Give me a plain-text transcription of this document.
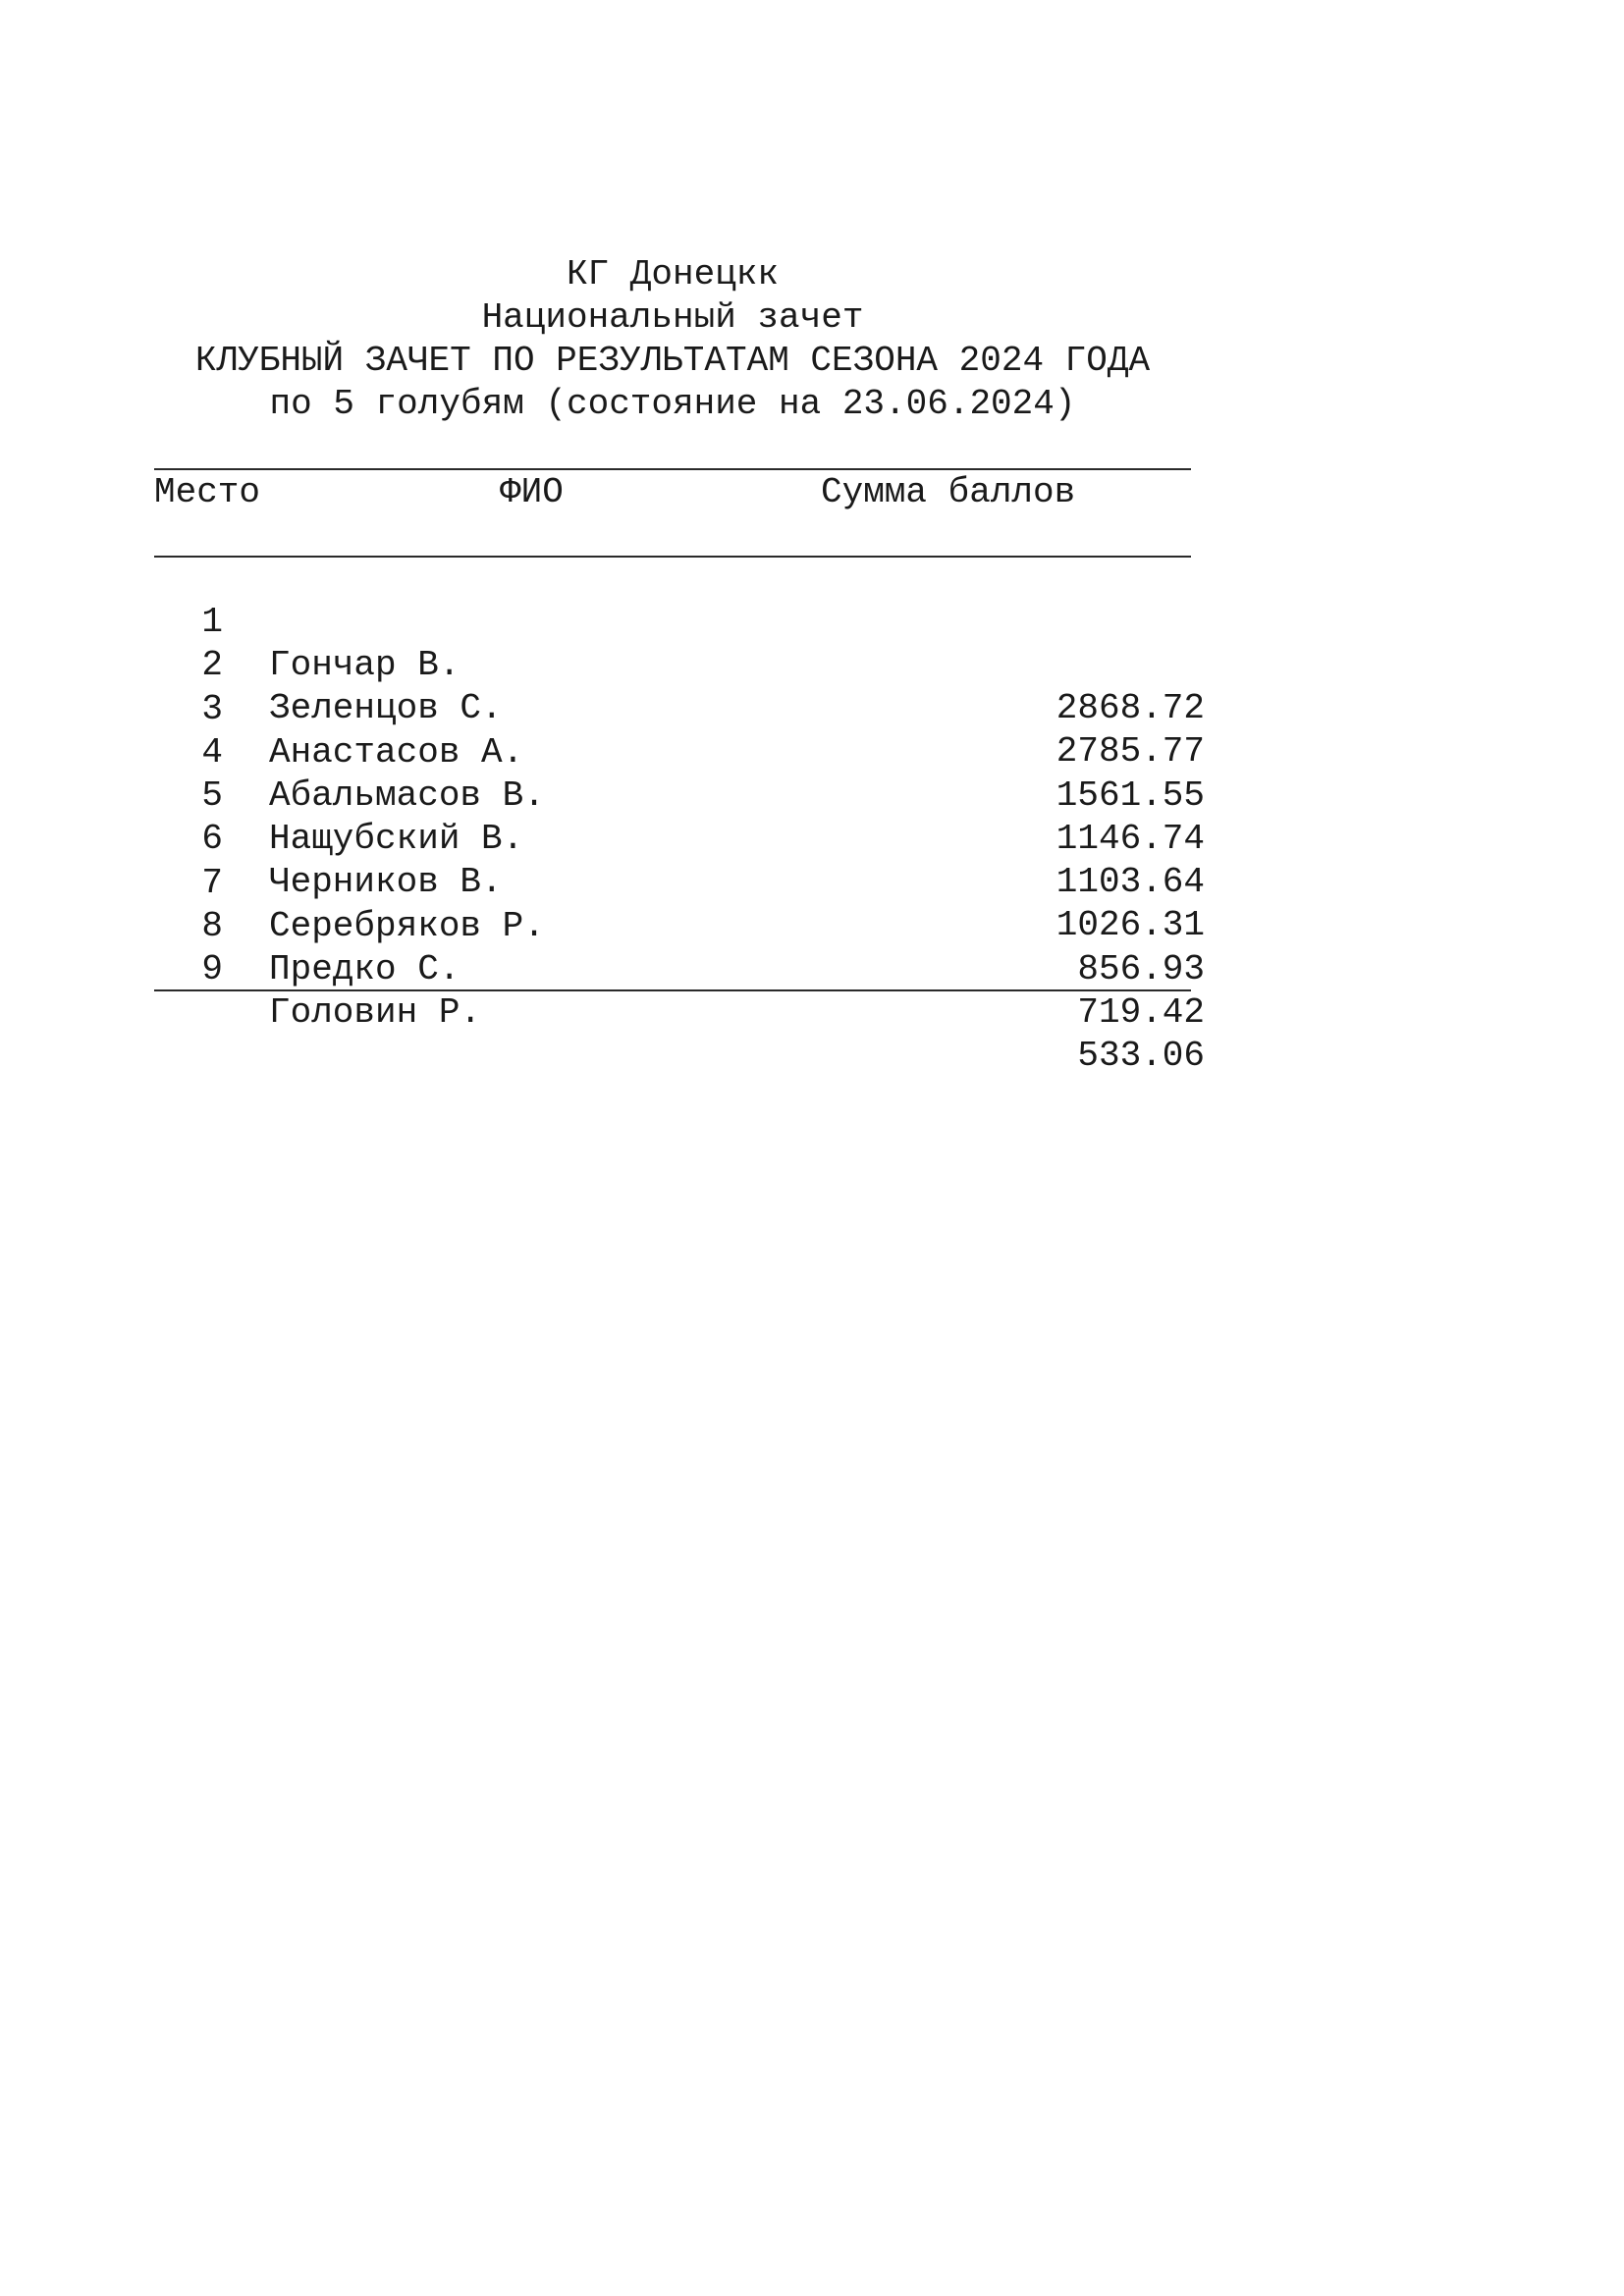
КГ Донецкк
Национальный зачет
КЛУБНЫЙ ЗАЧЕТ ПО РЕЗУЛЬТАТАМ СЕЗОНА 2024 ГОДА
по 5 голубям (состояние на 23.06.2024)
Место	ФИО	Сумма баллов

1

Гончар В.

2868.72

2

Зеленцов С.

2785.77

3

Анастасов А.

1561.55

4

Абальмасов В.

1146.74

5

Нащубский В.

1103.64

6

Черников В.

1026.31

7

Серебряков Р.

856.93

8

Предко С.

719.42

9

Головин Р.

533.06
